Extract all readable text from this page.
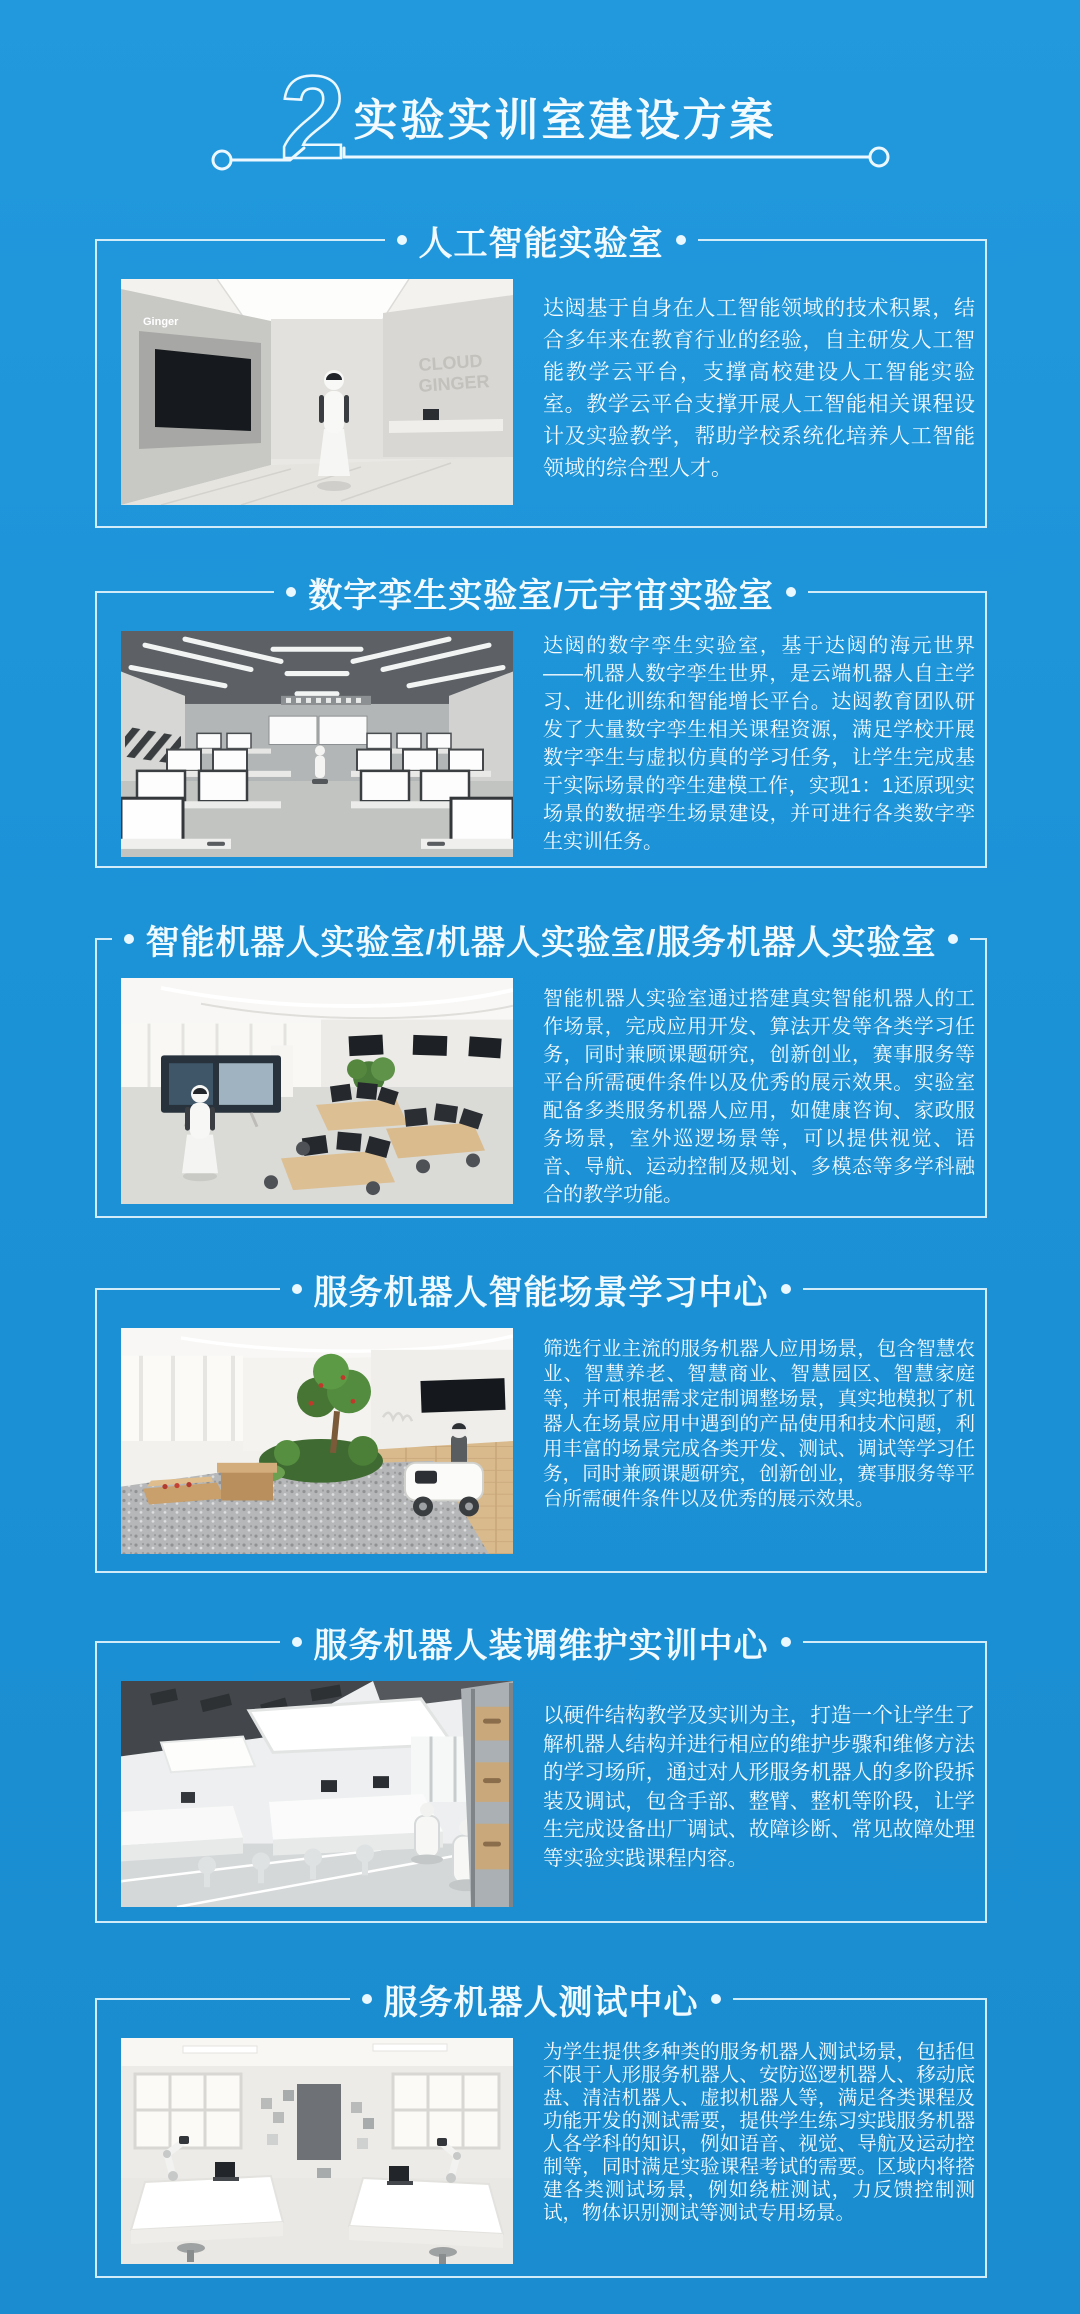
2 实验实训室建设方案
人工智能实验室
Ginger
CLOUD
GINGER

达闼基于自身在人工智能领域的技术积累，结合多年来在教育行业的经验，自主研发人工智能教学云平台，支撑高校建设人工智能实验室。教学云平台支撑开展人工智能相关课程设计及实验教学，帮助学校系统化培养人工智能领域的综合型人才。

数字孪生实验室/元宇宙实验室

达闼的数字孪生实验室，基于达闼的海元世界——机器人数字孪生世界，是云端机器人自主学习、进化训练和智能增长平台。达闼教育团队研发了大量数字孪生相关课程资源，满足学校开展数字孪生与虚拟仿真的学习任务，让学生完成基于实际场景的孪生建模工作，实现1：1还原现实场景的数据孪生场景建设，并可进行各类数字孪生实训任务。

智能机器人实验室/机器人实验室/服务机器人实验室

智能机器人实验室通过搭建真实智能机器人的工作场景，完成应用开发、算法开发等各类学习任务，同时兼顾课题研究，创新创业，赛事服务等平台所需硬件条件以及优秀的展示效果。实验室配备多类服务机器人应用，如健康咨询、家政服务场景，室外巡逻场景等，可以提供视觉、语音、导航、运动控制及规划、多模态等多学科融合的教学功能。

服务机器人智能场景学习中心

筛选行业主流的服务机器人应用场景，包含智慧农业、智慧养老、智慧商业、智慧园区、智慧家庭等，并可根据需求定制调整场景，真实地模拟了机器人在场景应用中遇到的产品使用和技术问题，利用丰富的场景完成各类开发、测试、调试等学习任务，同时兼顾课题研究，创新创业，赛事服务等平台所需硬件条件以及优秀的展示效果。

服务机器人装调维护实训中心

以硬件结构教学及实训为主，打造一个让学生了解机器人结构并进行相应的维护步骤和维修方法的学习场所，通过对人形服务机器人的多阶段拆装及调试，包含手部、整臂、整机等阶段，让学生完成设备出厂调试、故障诊断、常见故障处理等实验实践课程内容。

服务机器人测试中心

为学生提供多种类的服务机器人测试场景，包括但不限于人形服务机器人、安防巡逻机器人、移动底盘、清洁机器人、虚拟机器人等，满足各类课程及功能开发的测试需要，提供学生练习实践服务机器人各学科的知识，例如语音、视觉、导航及运动控制等，同时满足实验课程考试的需要。区域内将搭建各类测试场景，例如绕桩测试，力反馈控制测试，物体识别测试等测试专用场景。
